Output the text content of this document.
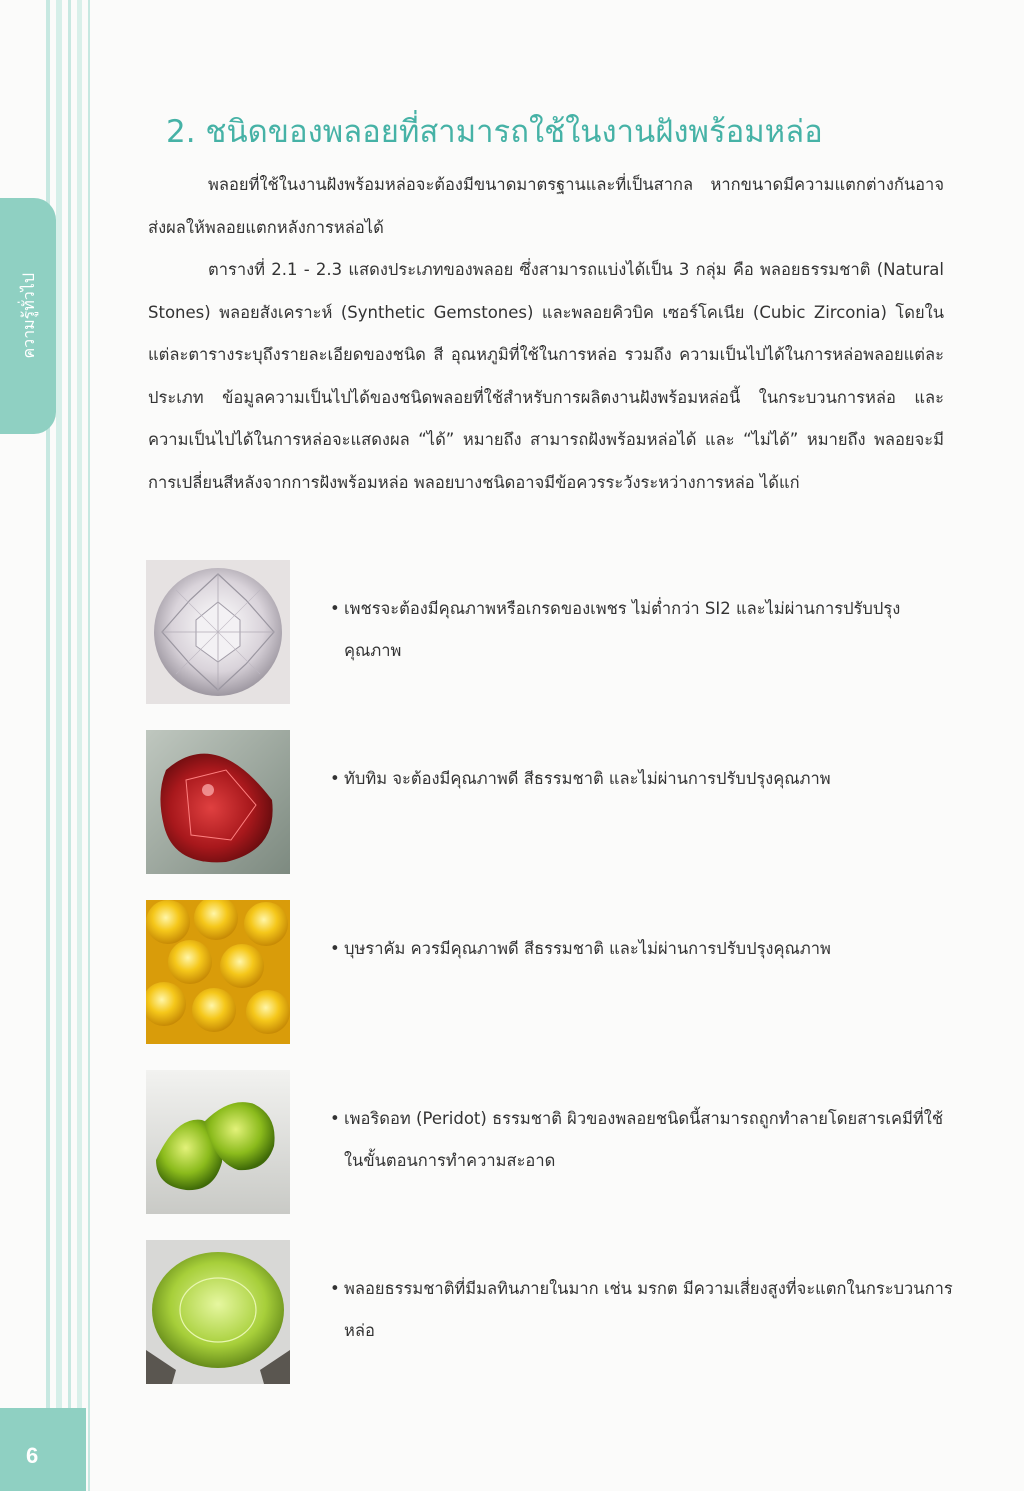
ความรู้ทั่วไป
6
2. ชนิดของพลอยที่สามารถใช้ในงานฝังพร้อมหล่อ

พลอยที่ใช้ในงานฝังพร้อมหล่อจะต้องมีขนาดมาตรฐานและที่เป็นสากล หากขนาดมีความแตกต่างกันอาจส่งผลให้พลอยแตกหลังการหล่อได้

ตารางที่ 2.1 - 2.3 แสดงประเภทของพลอย ซึ่งสามารถแบ่งได้เป็น 3 กลุ่ม คือ พลอยธรรมชาติ (Natural Stones) พลอยสังเคราะห์ (Synthetic Gemstones) และพลอยคิวบิค เซอร์โคเนีย (Cubic Zirconia) โดยในแต่ละตารางระบุถึงรายละเอียดของชนิด สี อุณหภูมิที่ใช้ในการหล่อ รวมถึง ความเป็นไปได้ในการหล่อพลอยแต่ละประเภท ข้อมูลความเป็นไปได้ของชนิดพลอยที่ใช้สำหรับการผลิตงานฝังพร้อมหล่อนี้ ในกระบวนการหล่อ และ ความเป็นไปได้ในการหล่อจะแสดงผล “ได้” หมายถึง สามารถฝังพร้อมหล่อได้ และ “ไม่ได้” หมายถึง พลอยจะมีการเปลี่ยนสีหลังจากการฝังพร้อมหล่อ พลอยบางชนิดอาจมีข้อควรระวังระหว่างการหล่อ ได้แก่

• เพชรจะต้องมีคุณภาพหรือเกรดของเพชร ไม่ต่ำกว่า SI2 และไม่ผ่านการปรับปรุงคุณภาพ
• ทับทิม จะต้องมีคุณภาพดี สีธรรมชาติ และไม่ผ่านการปรับปรุงคุณภาพ
• บุษราคัม ควรมีคุณภาพดี สีธรรมชาติ และไม่ผ่านการปรับปรุงคุณภาพ
• เพอริดอท (Peridot) ธรรมชาติ ผิวของพลอยชนิดนี้สามารถถูกทำลายโดยสารเคมีที่ใช้ในขั้นตอนการทำความสะอาด
• พลอยธรรมชาติที่มีมลทินภายในมาก เช่น มรกต มีความเสี่ยงสูงที่จะแตกในกระบวนการหล่อ
